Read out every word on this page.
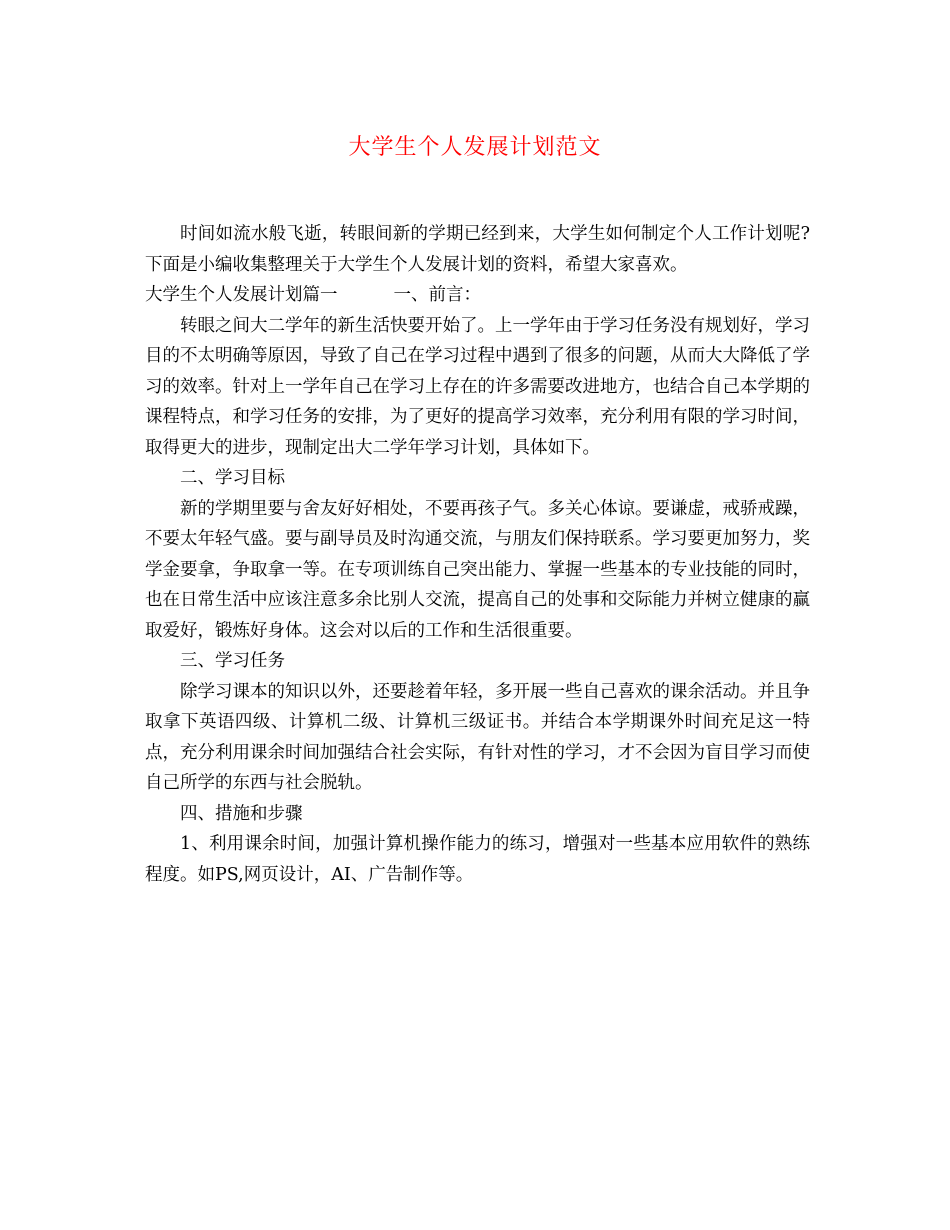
大学生个人发展计划范文

时间如流水般飞逝，转眼间新的学期已经到来，大学生如何制定个人工作计划呢?下面是小编收集整理关于大学生个人发展计划的资料，希望大家喜欢。

大学生个人发展计划篇一	一、前言：

转眼之间大二学年的新生活快要开始了。上一学年由于学习任务没有规划好，学习目的不太明确等原因，导致了自己在学习过程中遇到了很多的问题，从而大大降低了学习的效率。针对上一学年自己在学习上存在的许多需要改进地方，也结合自己本学期的课程特点，和学习任务的安排，为了更好的提高学习效率，充分利用有限的学习时间，取得更大的进步，现制定出大二学年学习计划，具体如下。

二、学习目标

新的学期里要与舍友好好相处，不要再孩子气。多关心体谅。要谦虚，戒骄戒躁，不要太年轻气盛。要与副导员及时沟通交流，与朋友们保持联系。学习要更加努力，奖学金要拿，争取拿一等。在专项训练自己突出能力、掌握一些基本的专业技能的同时，也在日常生活中应该注意多余比别人交流，提高自己的处事和交际能力并树立健康的赢取爱好，锻炼好身体。这会对以后的工作和生活很重要。

三、学习任务

除学习课本的知识以外，还要趁着年轻，多开展一些自己喜欢的课余活动。并且争取拿下英语四级、计算机二级、计算机三级证书。并结合本学期课外时间充足这一特点，充分利用课余时间加强结合社会实际，有针对性的学习，才不会因为盲目学习而使自己所学的东西与社会脱轨。

四、措施和步骤

1、利用课余时间，加强计算机操作能力的练习，增强对一些基本应用软件的熟练程度。如PS,网页设计，AI、广告制作等。
